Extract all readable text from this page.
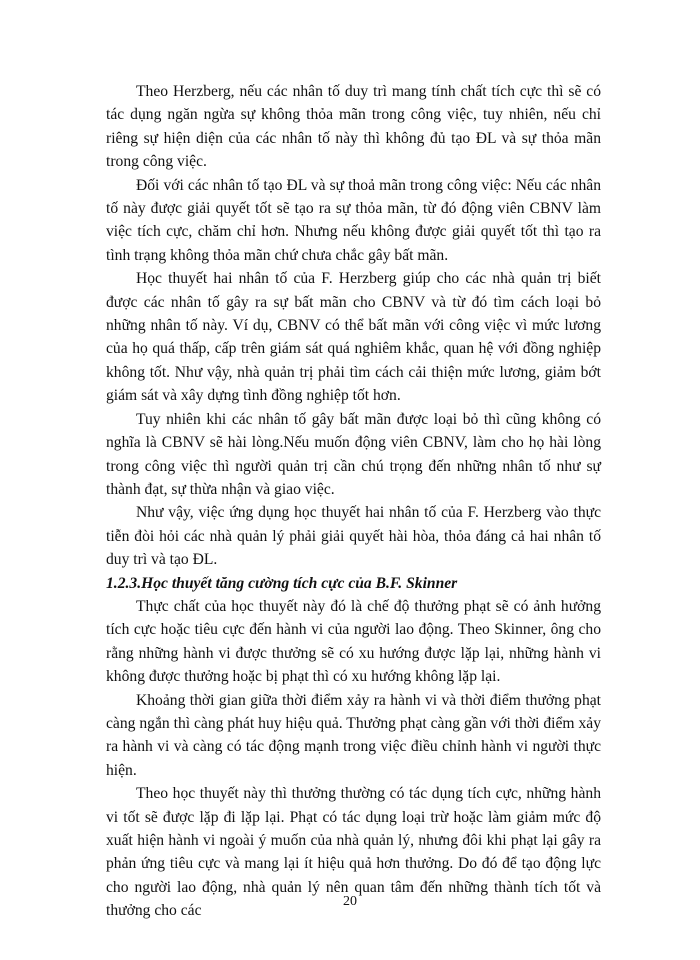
Theo Herzberg, nếu các nhân tố duy trì mang tính chất tích cực thì sẽ có tác dụng ngăn ngừa sự không thỏa mãn trong công việc, tuy nhiên, nếu chỉ riêng sự hiện diện của các nhân tố này thì không đủ tạo ĐL và sự thỏa mãn trong công việc.

Đối với các nhân tố tạo ĐL và sự thoả mãn trong công việc: Nếu các nhân tố này được giải quyết tốt sẽ tạo ra sự thỏa mãn, từ đó động viên CBNV làm việc tích cực, chăm chỉ hơn. Nhưng nếu không được giải quyết tốt thì tạo ra tình trạng không thỏa mãn chứ chưa chắc gây bất mãn.

Học thuyết hai nhân tố của F. Herzberg giúp cho các nhà quản trị biết được các nhân tố gây ra sự bất mãn cho CBNV và từ đó tìm cách loại bỏ những nhân tố này. Ví dụ, CBNV có thể bất mãn với công việc vì mức lương của họ quá thấp, cấp trên giám sát quá nghiêm khắc, quan hệ với đồng nghiệp không tốt. Như vậy, nhà quản trị phải tìm cách cải thiện mức lương, giảm bớt giám sát và xây dựng tình đồng nghiệp tốt hơn.

Tuy nhiên khi các nhân tố gây bất mãn được loại bỏ thì cũng không có nghĩa là CBNV sẽ hài lòng.Nếu muốn động viên CBNV, làm cho họ hài lòng trong công việc thì người quản trị cần chú trọng đến những nhân tố như sự thành đạt, sự thừa nhận và giao việc.

Như vậy, việc ứng dụng học thuyết hai nhân tố của F. Herzberg vào thực tiễn đòi hỏi các nhà quản lý phải giải quyết hài hòa, thỏa đáng cả hai nhân tố duy trì và tạo ĐL.

1.2.3.Học thuyết tăng cường tích cực của B.F. Skinner

Thực chất của học thuyết này đó là chế độ thưởng phạt sẽ có ảnh hưởng tích cực hoặc tiêu cực đến hành vi của người lao động. Theo Skinner, ông cho rằng những hành vi được thưởng sẽ có xu hướng được lặp lại, những hành vi không được thưởng hoặc bị phạt thì có xu hướng không lặp lại.

Khoảng thời gian giữa thời điểm xảy ra hành vi và thời điểm thưởng phạt càng ngắn thì càng phát huy hiệu quả. Thưởng phạt càng gần với thời điểm xảy ra hành vi và càng có tác động mạnh trong việc điều chỉnh hành vi người thực hiện.

Theo học thuyết này thì thưởng thường có tác dụng tích cực, những hành vi tốt sẽ được lặp đi lặp lại. Phạt có tác dụng loại trừ hoặc làm giảm mức độ xuất hiện hành vi ngoài ý muốn của nhà quản lý, nhưng đôi khi phạt lại gây ra phản ứng tiêu cực và mang lại ít hiệu quả hơn thưởng. Do đó để tạo động lực cho người lao động, nhà quản lý nên quan tâm đến những thành tích tốt và thưởng cho các

20
